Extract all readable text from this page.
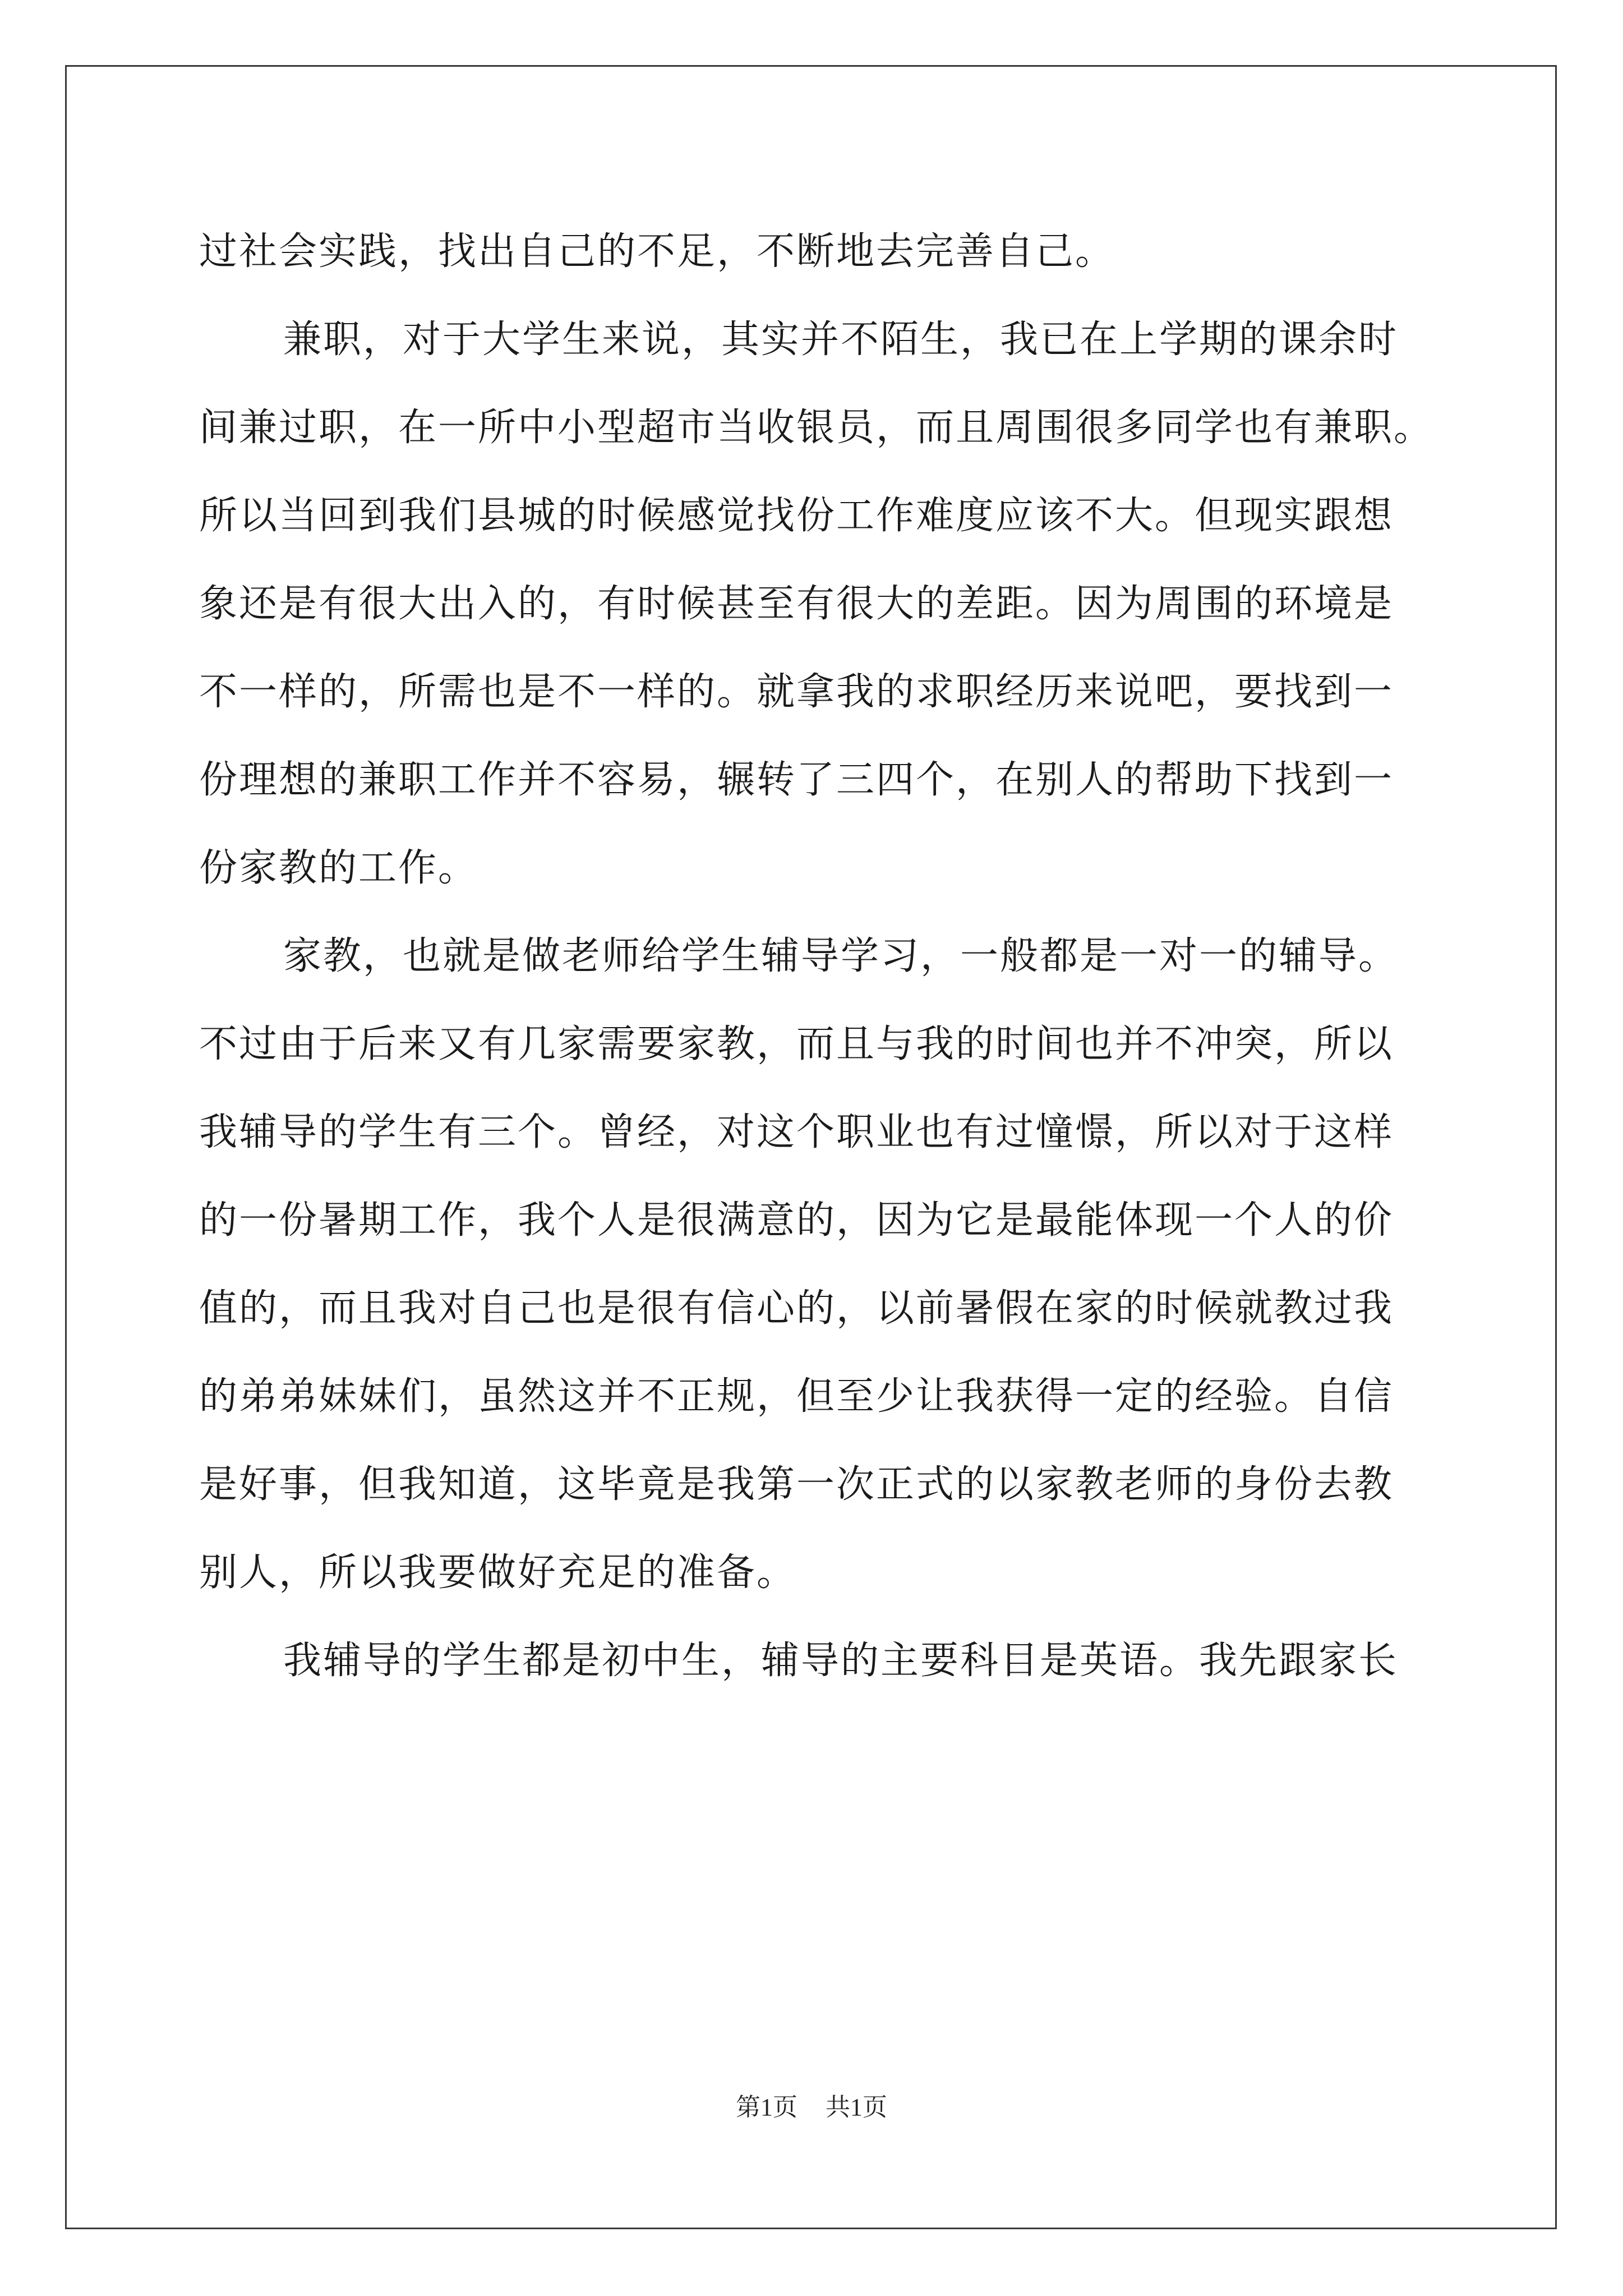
过社会实践，找出自己的不足，不断地去完善自己。
兼职，对于大学生来说，其实并不陌生，我已在上学期的课余时
间兼过职，在一所中小型超市当收银员，而且周围很多同学也有兼职。
所以当回到我们县城的时候感觉找份工作难度应该不大。但现实跟想
象还是有很大出入的，有时候甚至有很大的差距。因为周围的环境是
不一样的，所需也是不一样的。就拿我的求职经历来说吧，要找到一
份理想的兼职工作并不容易，辗转了三四个，在别人的帮助下找到一
份家教的工作。
家教，也就是做老师给学生辅导学习，一般都是一对一的辅导。
不过由于后来又有几家需要家教，而且与我的时间也并不冲突，所以
我辅导的学生有三个。曾经，对这个职业也有过憧憬，所以对于这样
的一份暑期工作，我个人是很满意的，因为它是最能体现一个人的价
值的，而且我对自己也是很有信心的，以前暑假在家的时候就教过我
的弟弟妹妹们，虽然这并不正规，但至少让我获得一定的经验。自信
是好事，但我知道，这毕竟是我第一次正式的以家教老师的身份去教
别人，所以我要做好充足的准备。
我辅导的学生都是初中生，辅导的主要科目是英语。我先跟家长
第1页 共1页
